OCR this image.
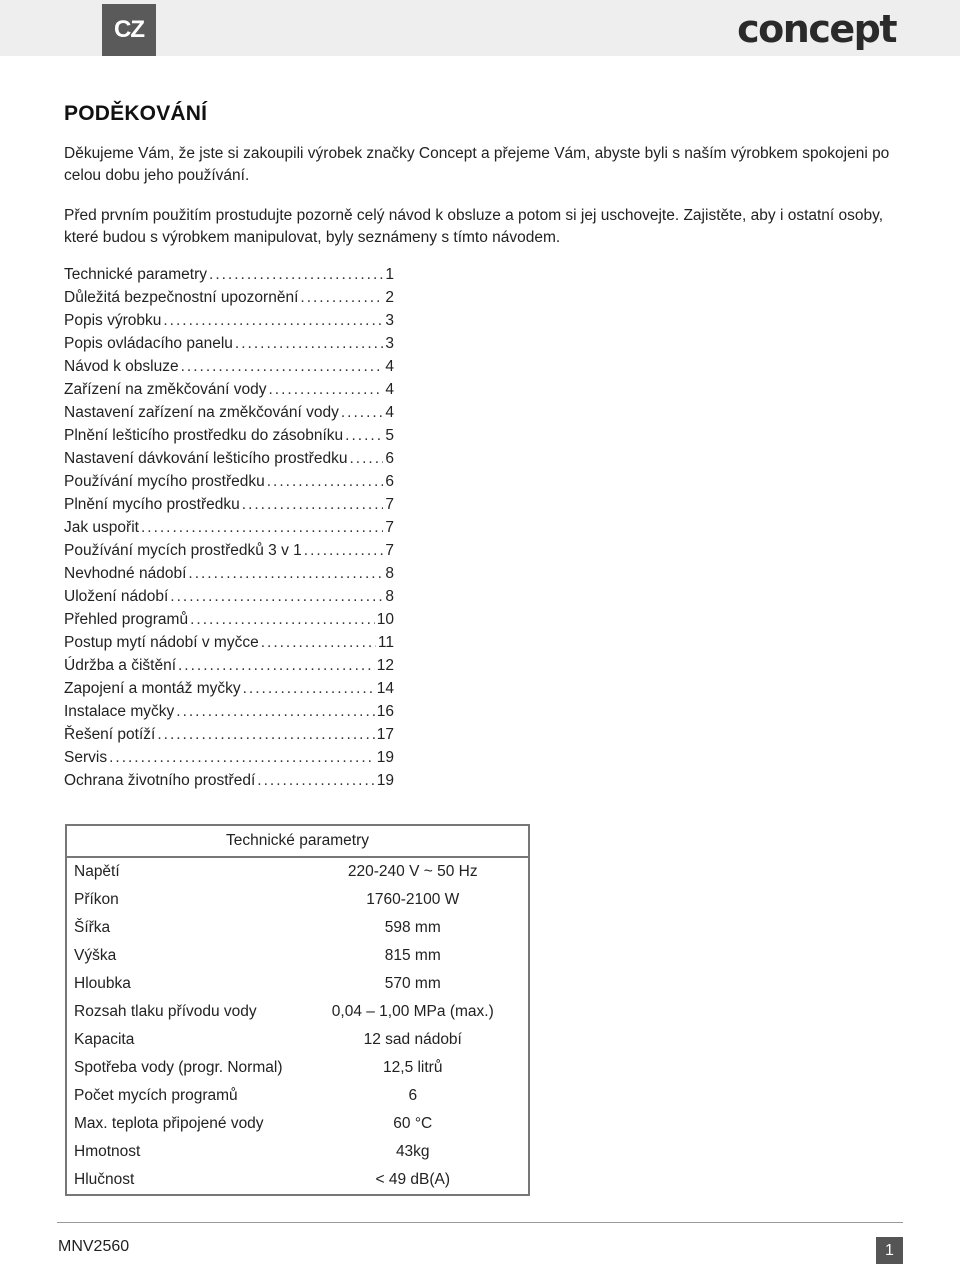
CZ	concept
PODĚKOVÁNÍ

Děkujeme Vám, že jste si zakoupili výrobek značky Concept a přejeme Vám, abyste byli s naším výrobkem spokojeni po celou dobu jeho používání.

Před prvním použitím prostudujte pozorně celý návod k obsluze a potom si jej uschovejte. Zajistěte, aby i ostatní osoby, které budou s výrobkem manipulovat, byly seznámeny s tímto návodem.

Technické parametry .....	1
Důležitá bezpečnostní upozornění .....	2
Popis výrobku .....	3
Popis ovládacího panelu .....	3
Návod k obsluze .....	4
Zařízení na změkčování vody .....	4
Nastavení zařízení na změkčování vody .....	4
Plnění lešticího prostředku do zásobníku .....	5
Nastavení dávkování lešticího prostředku ..... 6
Používání mycího prostředku .....	6
Plnění mycího prostředku .....	7
Jak uspořit .....	7
Používání mycích prostředků 3 v 1 .....	7
Nevhodné nádobí .....	8
Uložení nádobí .....	8
Přehled programů .....	10
Postup mytí nádobí v myčce .....	11
Údržba a čištění .....	12
Zapojení a montáž myčky .....	14
Instalace myčky .....	16
Řešení potíží .....	17
Servis .....	19
Ochrana životního prostředí .....	19
Technické parametry	
Napětí	220-240 V ~ 50 Hz
Příkon	1760-2100 W
Šířka	598 mm
Výška	815 mm
Hloubka	570 mm
Rozsah tlaku přívodu vody	0,04 – 1,00 MPa (max.)
Kapacita	12 sad nádobí
Spotřeba vody (progr. Normal)	12,5 litrů
Počet mycích programů	6
Max. teplota připojené vody	60 °C
Hmotnost	43kg
Hlučnost	< 49 dB(A)
MNV2560	1
